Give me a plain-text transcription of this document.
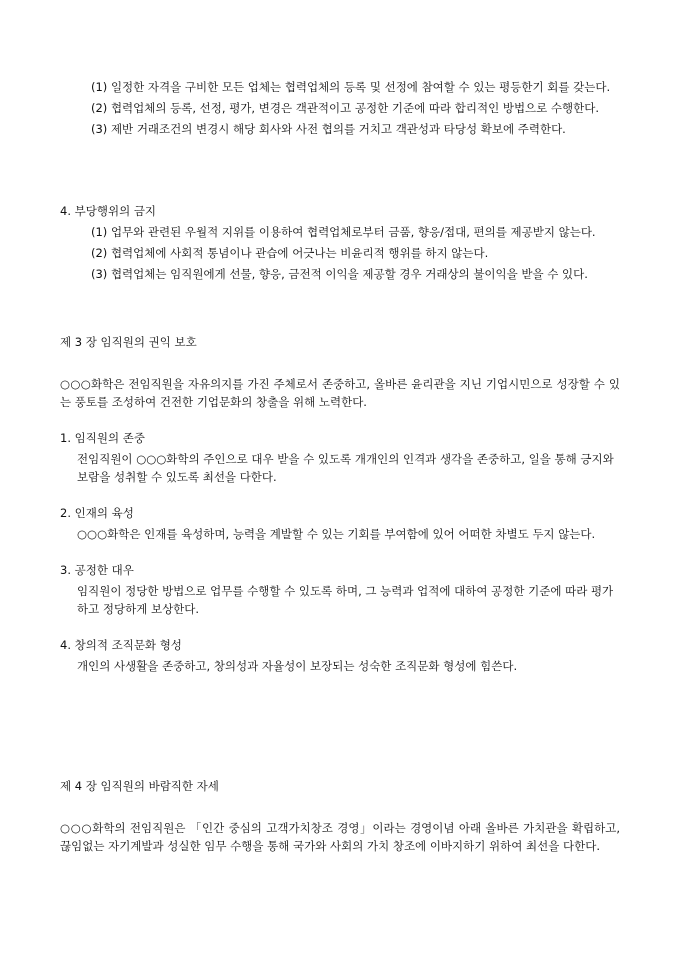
(1) 일정한 자격을 구비한 모든 업체는 협력업체의 등록 및 선정에 참여할 수 있는 평등한기 회를 갖는다.

(2) 협력업체의 등록, 선정, 평가, 변경은 객관적이고 공정한 기준에 따라 합리적인 방법으로 수행한다.

(3) 제반 거래조건의 변경시 해당 회사와 사전 협의를 거치고 객관성과 타당성 확보에 주력한다.

4. 부당행위의 금지

(1) 업무와 관련된 우월적 지위를 이용하여 협력업체로부터 금품, 향응/접대, 편의를 제공받지 않는다.

(2) 협력업체에 사회적 통념이나 관습에 어긋나는 비윤리적 행위를 하지 않는다.

(3) 협력업체는 임직원에게 선물, 향응, 금전적 이익을 제공할 경우 거래상의 불이익을 받을 수 있다.

제 3 장 임직원의 권익 보호

○○○화학은 전임직원을 자유의지를 가진 주체로서 존중하고, 올바른 윤리관을 지닌 기업시민으로 성장할 수 있는 풍토를 조성하여 건전한 기업문화의 창출을 위해 노력한다.

1. 임직원의 존중

전임직원이 ○○○화학의 주인으로 대우 받을 수 있도록 개개인의 인격과 생각을 존중하고, 일을 통해 긍지와 보람을 성취할 수 있도록 최선을 다한다.

2. 인재의 육성

○○○화학은 인재를 육성하며, 능력을 계발할 수 있는 기회를 부여함에 있어 어떠한 차별도 두지 않는다.

3. 공정한 대우

임직원이 정당한 방법으로 업무를 수행할 수 있도록 하며, 그 능력과 업적에 대하여 공정한 기준에 따라 평가하고 정당하게 보상한다.

4. 창의적 조직문화 형성

개인의 사생활을 존중하고, 창의성과 자율성이 보장되는 성숙한 조직문화 형성에 힘쓴다.

제 4 장 임직원의 바람직한 자세

○○○화학의 전임직원은 「인간 중심의 고객가치창조 경영」이라는 경영이념 아래 올바른 가치관을 확립하고, 끊임없는 자기계발과 성실한 임무 수행을 통해 국가와 사회의 가치 창조에 이바지하기 위하여 최선을 다한다.
